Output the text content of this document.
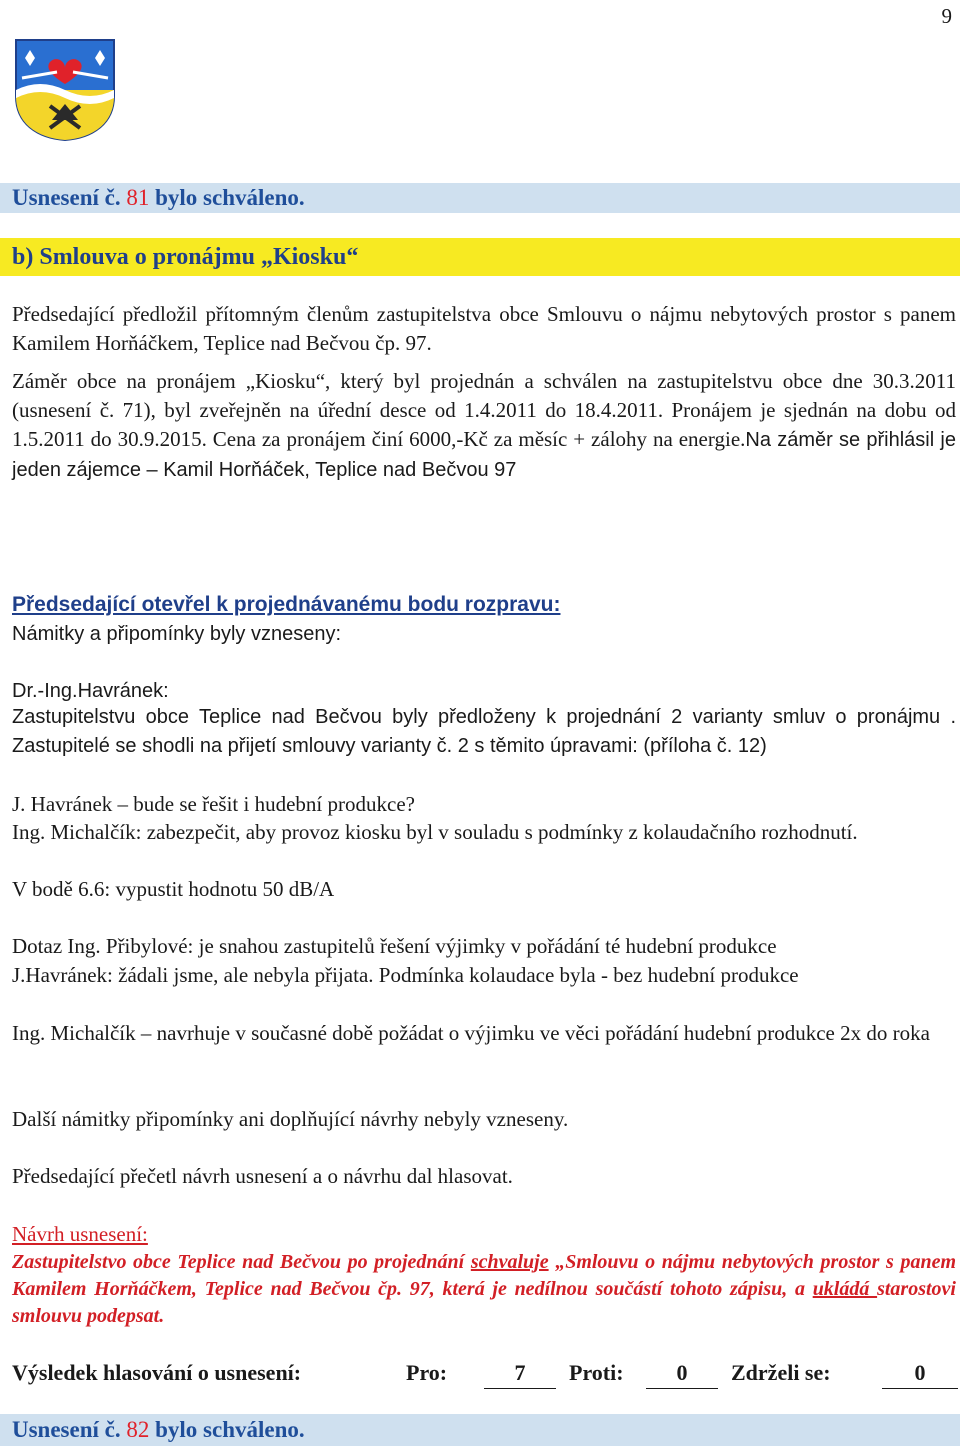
9
Usnesení č. 81 bylo schváleno.
b) Smlouva o pronájmu „Kiosku“
Předsedající předložil přítomným členům zastupitelstva obce Smlouvu o nájmu nebytových prostor s panem Kamilem Horňáčkem, Teplice nad Bečvou čp. 97.
Záměr obce na pronájem „Kiosku“, který byl projednán a schválen na zastupitelstvu obce dne 30.3.2011 (usnesení č. 71), byl zveřejněn na úřední desce od 1.4.2011 do 18.4.2011. Pronájem je sjednán na dobu od 1.5.2011 do 30.9.2015. Cena za pronájem činí 6000,-Kč za měsíc + zálohy na energie.Na záměr se přihlásil je jeden zájemce – Kamil Horňáček, Teplice nad Bečvou 97
Předsedající otevřel k projednávanému bodu rozpravu:
Námitky a připomínky byly vzneseny:
Dr.-Ing.Havránek:
Zastupitelstvu obce Teplice nad Bečvou byly předloženy k projednání 2 varianty smluv o pronájmu . Zastupitelé se shodli na přijetí smlouvy varianty č. 2 s těmito úpravami: (příloha č. 12)
J. Havránek – bude se řešit i hudební produkce?
Ing. Michalčík: zabezpečit, aby provoz kiosku byl v souladu s podmínky z kolaudačního rozhodnutí.
V bodě 6.6: vypustit hodnotu 50 dB/A
Dotaz Ing. Přibylové: je snahou zastupitelů řešení výjimky v pořádání té hudební produkce
J.Havránek: žádali jsme, ale nebyla přijata. Podmínka kolaudace byla - bez hudební produkce
Ing. Michalčík – navrhuje v současné době požádat o výjimku ve věci pořádání hudební produkce 2x do roka
Další námitky připomínky ani doplňující návrhy nebyly vzneseny.
Předsedající přečetl návrh usnesení a o návrhu dal hlasovat.
Návrh usnesení:
Zastupitelstvo obce Teplice nad Bečvou po projednání schvaluje „Smlouvu o nájmu nebytových prostor s panem Kamilem Horňáčkem, Teplice nad Bečvou čp. 97, která je nedílnou součástí tohoto zápisu, a ukládá starostovi smlouvu podepsat.
Výsledek hlasování o usnesení:	Pro:	7	Proti:	0	Zdrželi se:	0
Usnesení č. 82 bylo schváleno.
